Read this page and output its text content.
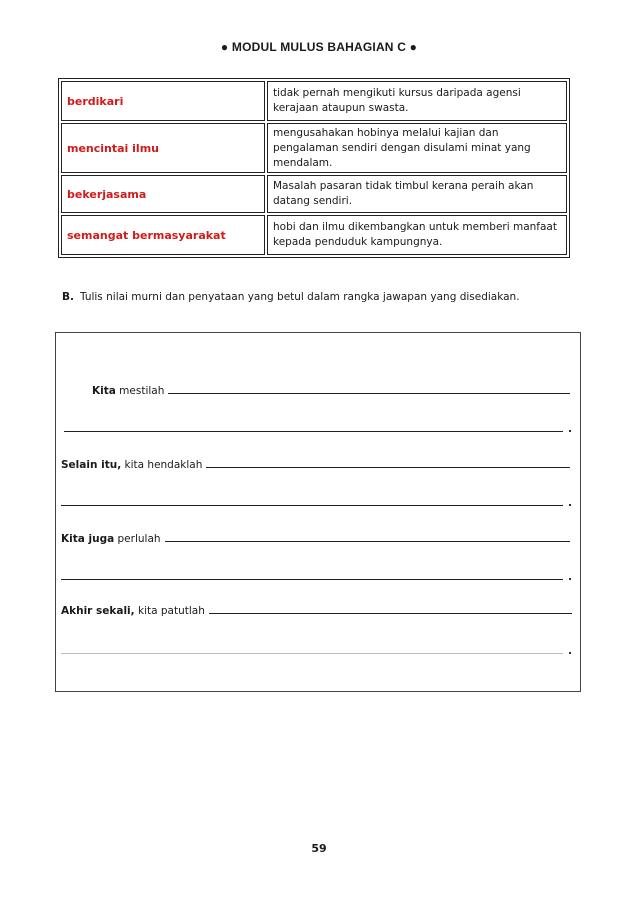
● MODUL MULUS BAHAGIAN C ●
berdikari	tidak pernah mengikuti kursus daripada agensi kerajaan ataupun swasta.
mencintai ilmu	mengusahakan hobinya melalui kajian dan pengalaman sendiri dengan disulami minat yang mendalam.
bekerjasama	Masalah pasaran tidak timbul kerana peraih akan datang sendiri.
semangat bermasyarakat	hobi dan ilmu dikembangkan untuk memberi manfaat kepada penduduk kampungnya.
B. Tulis nilai murni dan penyataan yang betul dalam rangka jawapan yang disediakan.
Kita mestilah
.
Selain itu, kita hendaklah
.
Kita juga perlulah
.
Akhir sekali, kita patutlah
.
59
